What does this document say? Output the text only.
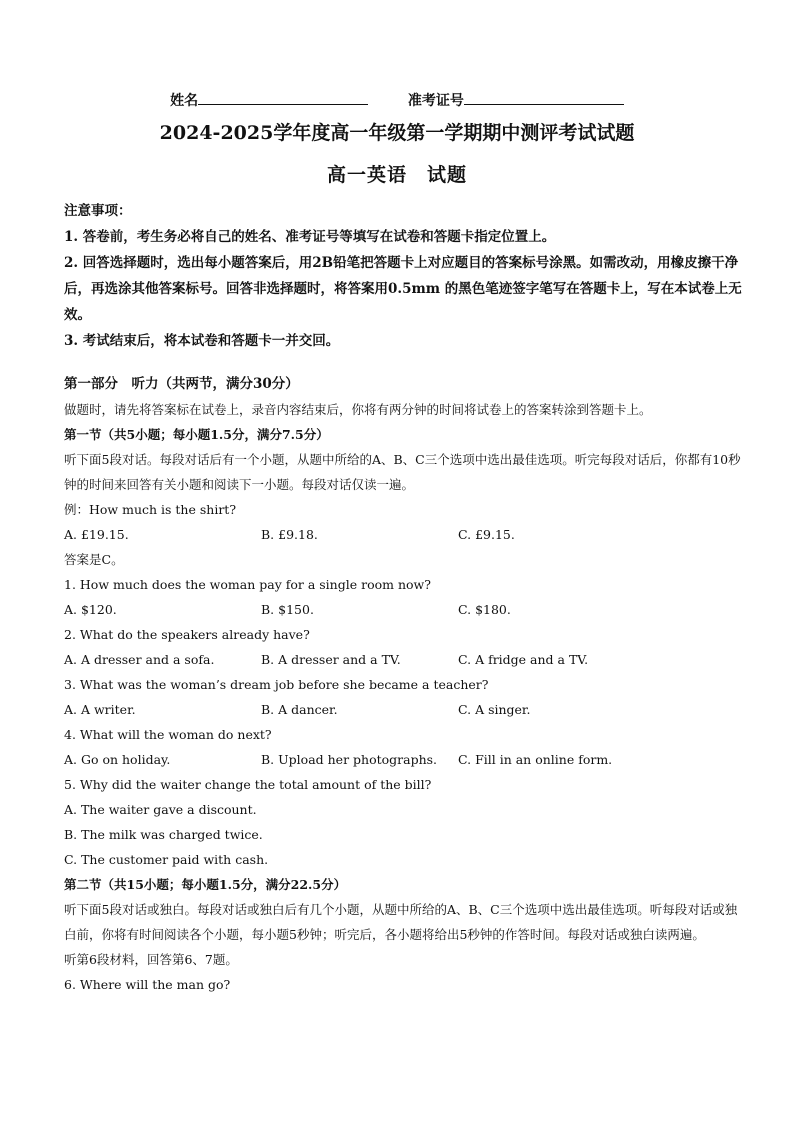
姓名	准考证号
2024-2025学年度高一年级第一学期期中测评考试试题
高一英语　试题

注意事项：

1. 答卷前，考生务必将自己的姓名、准考证号等填写在试卷和答题卡指定位置上。

2. 回答选择题时，选出每小题答案后，用2B铅笔把答题卡上对应题目的答案标号涂黑。如需改动，用橡皮擦干净后，再选涂其他答案标号。回答非选择题时，将答案用0.5mm 的黑色笔迹签字笔写在答题卡上，写在本试卷上无效。

3. 考试结束后，将本试卷和答题卡一并交回。

第一部分　听力（共两节，满分30分）

做题时，请先将答案标在试卷上，录音内容结束后，你将有两分钟的时间将试卷上的答案转涂到答题卡上。

第一节（共5小题；每小题1.5分，满分7.5分）

听下面5段对话。每段对话后有一个小题，从题中所给的A、B、C三个选项中选出最佳选项。听完每段对话后，你都有10秒钟的时间来回答有关小题和阅读下一小题。每段对话仅读一遍。

例：How much is the shirt?

A. £19.15.	B. £9.18.	C. £9.15.

答案是C。

1. How much does the woman pay for a single room now?

A. $120.	B. $150.	C. $180.

2. What do the speakers already have?

A. A dresser and a sofa.	B. A dresser and a TV.	C. A fridge and a TV.

3. What was the woman’s dream job before she became a teacher?

A. A writer.	B. A dancer.	C. A singer.

4. What will the woman do next?

A. Go on holiday.	B. Upload her photographs.	C. Fill in an online form.

5. Why did the waiter change the total amount of the bill?

A. The waiter gave a discount.

B. The milk was charged twice.

C. The customer paid with cash.

第二节（共15小题；每小题1.5分，满分22.5分）

听下面5段对话或独白。每段对话或独白后有几个小题，从题中所给的A、B、C三个选项中选出最佳选项。听每段对话或独白前，你将有时间阅读各个小题，每小题5秒钟；听完后，各小题将给出5秒钟的作答时间。每段对话或独白读两遍。

听第6段材料，回答第6、7题。

6. Where will the man go?
